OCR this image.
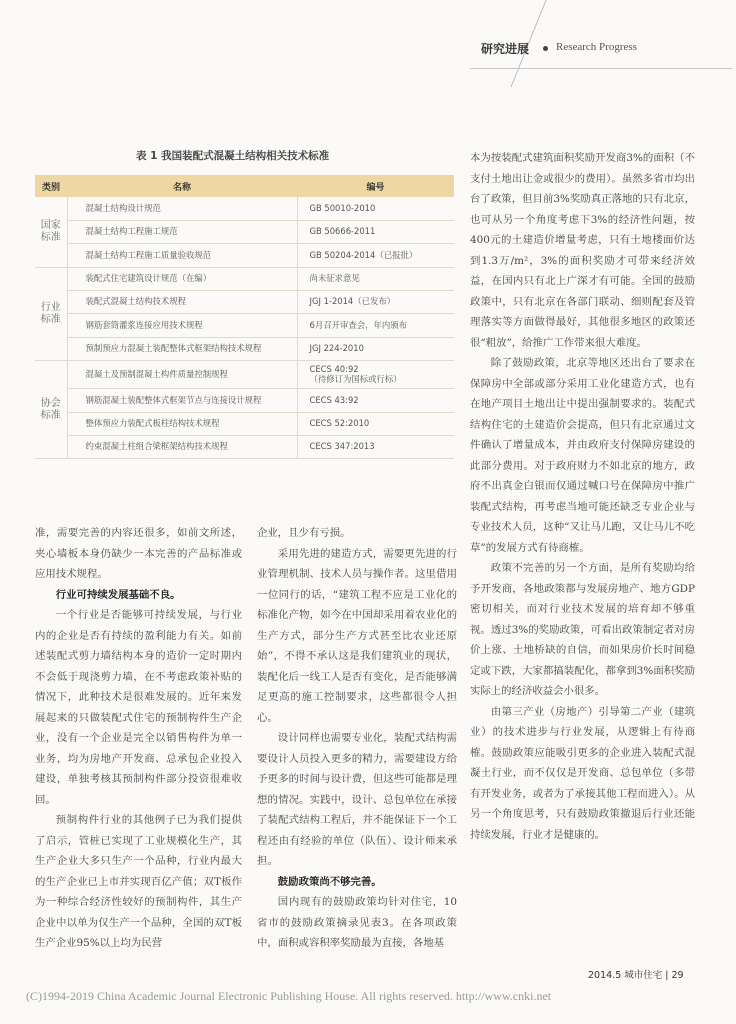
研究进展 Research Progress
表 1 我国装配式混凝土结构相关技术标准
类别	名称	编号

国家
标准	混凝土结构设计规范	GB 50010-2010
	混凝土结构工程施工规范	GB 50666-2011
	混凝土结构工程施工质量验收规范	GB 50204-2014（已报批）

行业
标准	装配式住宅建筑设计规范（在编）	尚未征求意见
	装配式混凝土结构技术规程	JGJ 1-2014（已发布）
	钢筋套筒灌浆连接应用技术规程	6月召开审查会，年内颁布
	预制预应力混凝土装配整体式框架结构技术规程	JGJ 224-2010

协会
标准	混凝土及预制混凝土构件质量控制规程	CECS 40:92
（待修订为国标或行标）

	钢筋混凝土装配整体式框架节点与连接设计规程	CECS 43:92
	整体预应力装配式板柱结构技术规程	CECS 52:2010
	约束混凝土柱组合梁框架结构技术规程	CECS 347:2013

准，需要完善的内容还很多，如前文所述，夹心墙板本身仍缺少一本完善的产品标准或应用技术规程。

行业可持续发展基础不良。

一个行业是否能够可持续发展，与行业内的企业是否有持续的盈利能力有关。如前述装配式剪力墙结构本身的造价一定时期内不会低于现浇剪力墙，在不考虑政策补贴的情况下，此种技术是很难发展的。近年来发展起来的只做装配式住宅的预制构件生产企业，没有一个企业是完全以销售构件为单一业务，均为房地产开发商、总承包企业投入建设，单独考核其预制构件部分投资很难收回。

预制构件行业的其他例子已为我们提供了启示，管桩已实现了工业规模化生产，其生产企业大多只生产一个品种，行业内最大的生产企业已上市并实现百亿产值；双T板作为一种综合经济性较好的预制构件，其生产企业中以单为仅生产一个品种，全国的双T板生产企业95%以上均为民营

企业，且少有亏损。

采用先进的建造方式，需要更先进的行业管理机制、技术人员与操作者。这里借用一位同行的话，“建筑工程不应是工业化的标准化产物，如今在中国却采用着农业化的生产方式，部分生产方式甚至比农业还原始”，不得不承认这是我们建筑业的现状，装配化后一线工人是否有变化，是否能够满足更高的施工控制要求，这些都很令人担心。

设计同样也需要专业化，装配式结构需要设计人员投入更多的精力，需要建设方给予更多的时间与设计费，但这些可能都是理想的情况。实践中，设计、总包单位在承接了装配式结构工程后，并不能保证下一个工程还由有经验的单位（队伍）、设计师来承担。

鼓励政策尚不够完善。

国内现有的鼓励政策均针对住宅，10省市的鼓励政策摘录见表3。在各项政策中，面积或容积率奖励最为直接，各地基

本为按装配式建筑面积奖励开发商3%的面积（不支付土地出让金或很少的费用）。虽然多省市均出台了政策，但目前3%奖励真正落地的只有北京，也可从另一个角度考虑下3%的经济性问题，按400元的土建造价增量考虑，只有土地楼面价达到1.3万/m²，3%的面积奖励才可带来经济效益，在国内只有北上广深才有可能。全国的鼓励政策中，只有北京在各部门联动、细则配套及管理落实等方面做得最好，其他很多地区的政策还很“粗放”，给推广工作带来很大难度。

除了鼓励政策，北京等地区还出台了要求在保障房中全部或部分采用工业化建造方式，也有在地产项目土地出让中提出强制要求的。装配式结构住宅的土建造价会提高，但只有北京通过文件确认了增量成本，并由政府支付保障房建设的此部分费用。对于政府财力不如北京的地方，政府不出真金白银而仅通过喊口号在保障房中推广装配式结构，再考虑当地可能还缺乏专业企业与专业技术人员，这种“又让马儿跑，又让马儿不吃草”的发展方式有待商榷。

政策不完善的另一个方面，是所有奖励均给予开发商，各地政策都与发展房地产、地方GDP密切相关，而对行业技术发展的培育却不够重视。透过3%的奖励政策，可看出政策制定者对房价上涨、土地桥缺的自信，而如果房价长时间稳定或下跌，大家都搞装配化，都拿到3%面积奖励实际上的经济收益会小很多。

由第三产业（房地产）引导第二产业（建筑业）的技术进步与行业发展，从逻辑上有待商榷。鼓励政策应能吸引更多的企业进入装配式混凝土行业，而不仅仅是开发商、总包单位（多带有开发业务，或者为了承接其他工程而进入）。从另一个角度思考，只有鼓励政策撤退后行业还能持续发展，行业才是健康的。

2014.5 城市住宅 | 29
(C)1994-2019 China Academic Journal Electronic Publishing House. All rights reserved. http://www.cnki.net
